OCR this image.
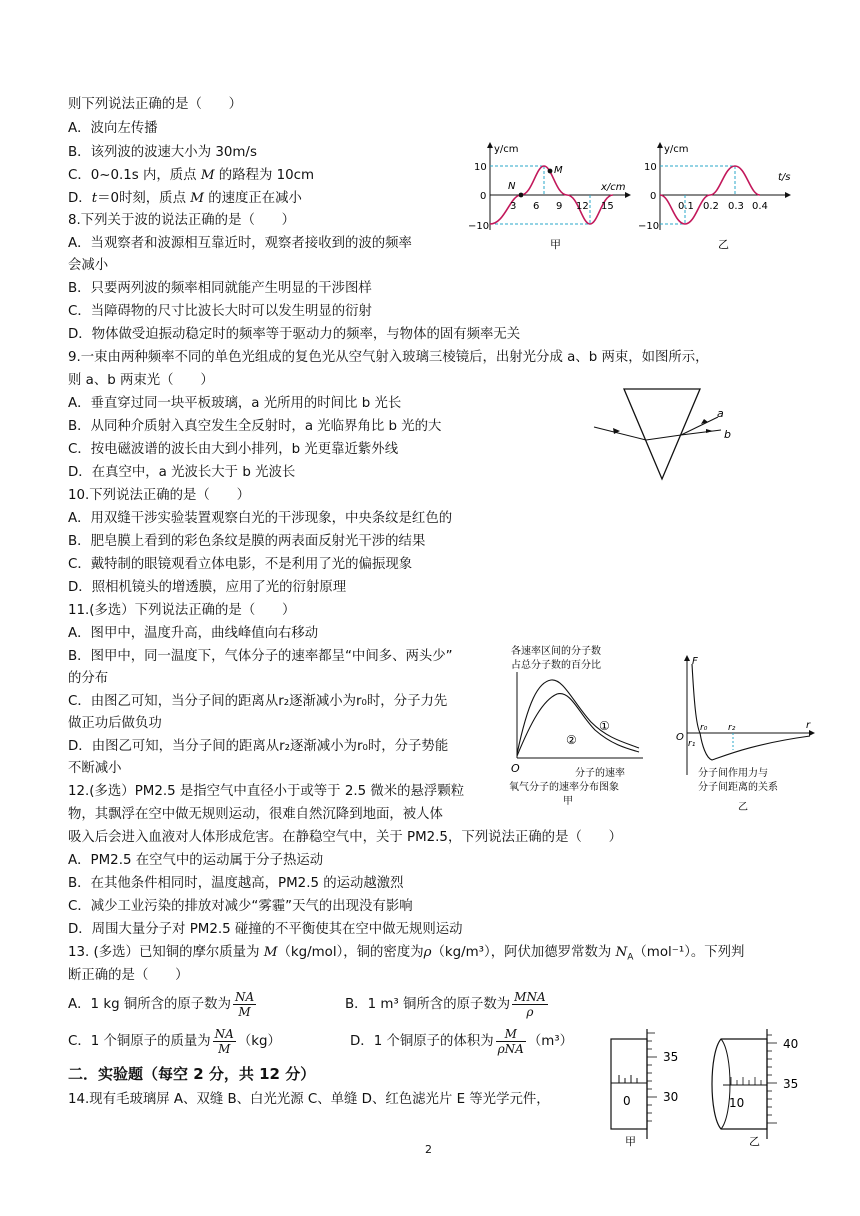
则下列说法正确的是（　　）
A．波向左传播
B．该列波的波速大小为 30m/s
C．0~0.1s 内，质点 M 的路程为 10cm
D．t＝0时刻，质点 M 的速度正在减小
8.下列关于波的说法正确的是（　　）
A．当观察者和波源相互靠近时，观察者接收到的波的频率
会减小
B．只要两列波的频率相同就能产生明显的干涉图样
C．当障碍物的尺寸比波长大时可以发生明显的衍射
D．物体做受迫振动稳定时的频率等于驱动力的频率，与物体的固有频率无关
9.一束由两种频率不同的单色光组成的复色光从空气射入玻璃三棱镜后，出射光分成 a、b 两束，如图所示，
则 a、b 两束光（　　）
A．垂直穿过同一块平板玻璃，a 光所用的时间比 b 光长
B．从同种介质射入真空发生全反射时，a 光临界角比 b 光的大
C．按电磁波谱的波长由大到小排列，b 光更靠近紫外线
D．在真空中，a 光波长大于 b 光波长
10.下列说法正确的是（　　）
A．用双缝干涉实验装置观察白光的干涉现象，中央条纹是红色的
B．肥皂膜上看到的彩色条纹是膜的两表面反射光干涉的结果
C．戴特制的眼镜观看立体电影，不是利用了光的偏振现象
D．照相机镜头的增透膜，应用了光的衍射原理
11.(多选）下列说法正确的是（　　）
A．图甲中，温度升高，曲线峰值向右移动
B．图甲中，同一温度下，气体分子的速率都呈“中间多、两头少”
的分布
C．由图乙可知，当分子间的距离从r₂逐渐减小为r₀时，分子力先
做正功后做负功
D．由图乙可知，当分子间的距离从r₂逐渐减小为r₀时，分子势能
不断减小
12.(多选）PM2.5 是指空气中直径小于或等于 2.5 微米的悬浮颗粒
物，其飘浮在空中做无规则运动，很难自然沉降到地面，被人体
吸入后会进入血液对人体形成危害。在静稳空气中，关于 PM2.5，下列说法正确的是（　　）
A．PM2.5 在空气中的运动属于分子热运动
B．在其他条件相同时，温度越高，PM2.5 的运动越激烈
C．减少工业污染的排放对减少“雾霾”天气的出现没有影响
D．周围大量分子对 PM2.5 碰撞的不平衡使其在空中做无规则运动
13. (多选）已知铜的摩尔质量为 M（kg/mol），铜的密度为ρ（kg/m³），阿伏加德罗常数为 $N_A(mol^{-1})$。下列判
断正确的是（　　）
A．1 kg 铜所含的原子数为 $\frac{NA}{M}$	B．1 m³ 铜所含的原子数为 $\frac{\text{MNA}}{\rho}$
C．1 个铜原子的质量为 $\frac{NA}{M} (kg)$	D．1 个铜原子的体积为 $\frac{M}{\text{ρNA}} (m^3)$
二．实验题（每空 2 分，共 12 分）
14.现有毛玻璃屏 A、双缝 B、白光光源 C、单缝 D、红色滤光片 E 等光学元件，
2
y/cm
x/cm
10
0
−10
N
M
3 6 9 12 15
甲
y/cm
t/s
10
0
−10
0.1 0.2 0.3 0.4
乙
a
b
各速率区间的分子数
占总分子数的百分比
①
②
O	分子的速率
氧气分子的速率分布图象
甲
F
r
O
r₀
r₁
r₂
分子间作用力与
分子间距离的关系
乙
35
30
0
甲
40
35
10
乙
